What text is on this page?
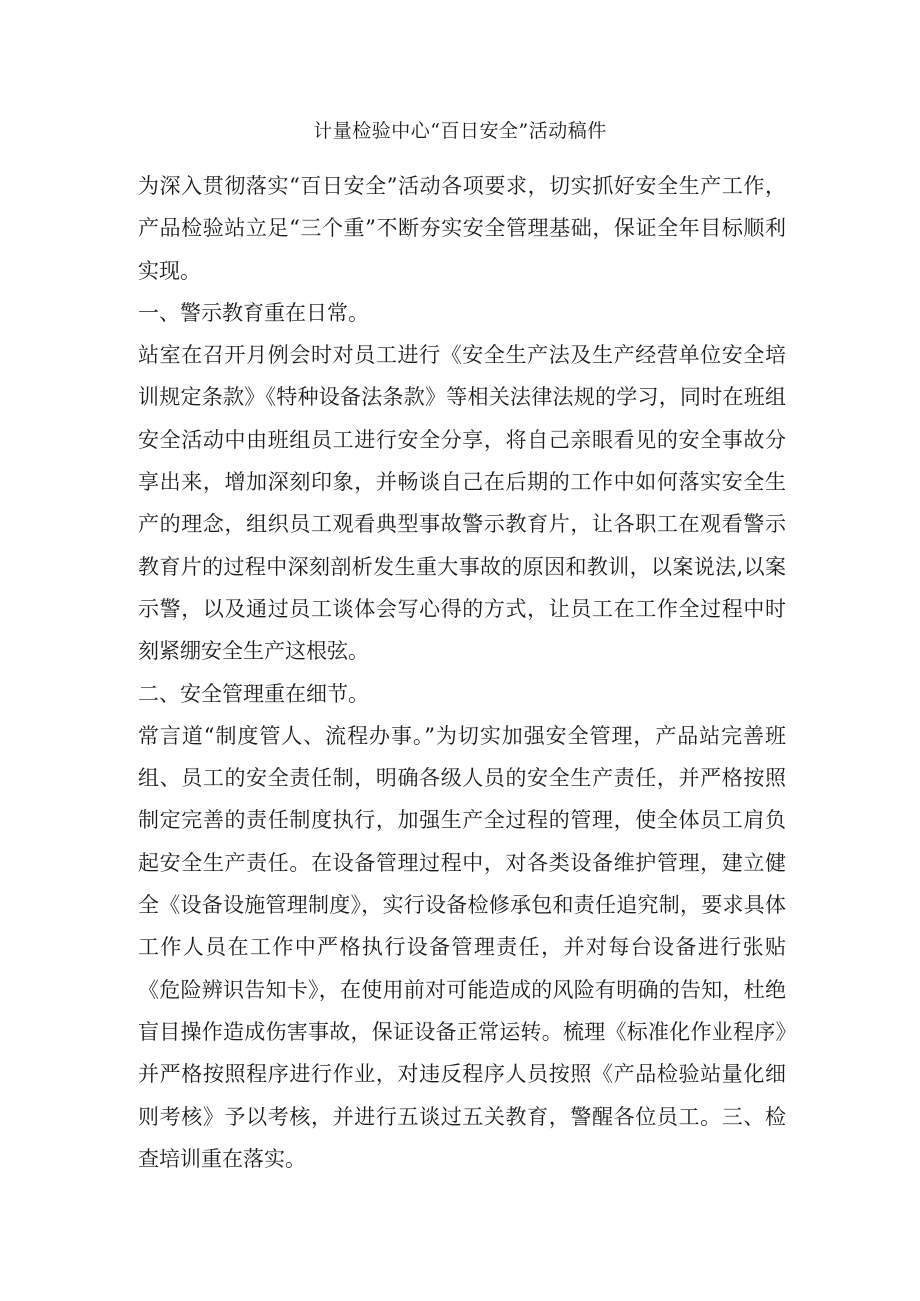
计量检验中心“百日安全”活动稿件

为深入贯彻落实“百日安全”活动各项要求，切实抓好安全生产工作，产品检验站立足“三个重”不断夯实安全管理基础，保证全年目标顺利实现。

一、警示教育重在日常。

站室在召开月例会时对员工进行《安全生产法及生产经营单位安全培训规定条款》《特种设备法条款》等相关法律法规的学习，同时在班组安全活动中由班组员工进行安全分享，将自己亲眼看见的安全事故分享出来，增加深刻印象，并畅谈自己在后期的工作中如何落实安全生产的理念，组织员工观看典型事故警示教育片，让各职工在观看警示教育片的过程中深刻剖析发生重大事故的原因和教训，以案说法,以案示警，以及通过员工谈体会写心得的方式，让员工在工作全过程中时刻紧绷安全生产这根弦。

二、安全管理重在细节。

常言道“制度管人、流程办事。”为切实加强安全管理，产品站完善班组、员工的安全责任制，明确各级人员的安全生产责任，并严格按照制定完善的责任制度执行，加强生产全过程的管理，使全体员工肩负起安全生产责任。在设备管理过程中，对各类设备维护管理，建立健全《设备设施管理制度》，实行设备检修承包和责任追究制，要求具体工作人员在工作中严格执行设备管理责任，并对每台设备进行张贴《危险辨识告知卡》，在使用前对可能造成的风险有明确的告知，杜绝盲目操作造成伤害事故，保证设备正常运转。梳理《标准化作业程序》并严格按照程序进行作业，对违反程序人员按照《产品检验站量化细则考核》予以考核，并进行五谈过五关教育，警醒各位员工。三、检查培训重在落实。
